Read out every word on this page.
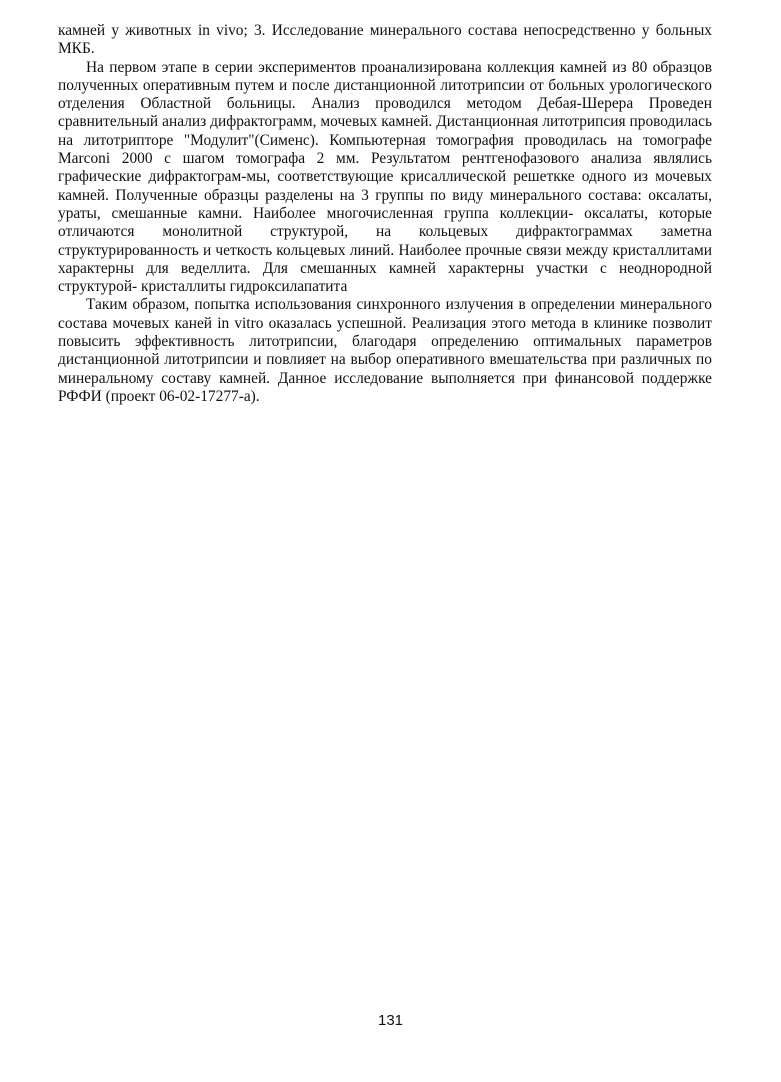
камней у животных in vivo; 3. Исследование минерального состава непосредственно у больных МКБ.

На первом этапе в серии экспериментов проанализирована коллекция камней из 80 образцов полученных оперативным путем и после дистанционной литотрипсии от больных урологического отделения Областной больницы. Анализ проводился методом Дебая-Шерера Проведен сравнительный анализ дифрактограмм, мочевых камней. Дистанционная литотрипсия проводилась на литотрипторе "Модулит"(Сименс). Компьютерная томография проводилась на томографе Marconi 2000 с шагом томографа 2 мм. Результатом рентгенофазового анализа являлись графические дифрактограм-мы, соответствующие крисаллической решеткке одного из мочевых камней. Полученные образцы разделены на 3 группы по виду минерального состава: оксалаты, ураты, смешанные камни. Наиболее многочисленная группа коллекции- оксалаты, которые отличаются монолитной структурой, на кольцевых дифрактограммах заметна структурированность и четкость кольцевых линий. Наиболее прочные связи между кристаллитами характерны для веделлита. Для смешанных камней характерны участки с неоднородной структурой- кристаллиты гидроксилапатита

Таким образом, попытка использования синхронного излучения в определении минерального состава мочевых каней in vitro оказалась успешной. Реализация этого метода в клинике позволит повысить эффективность литотрипсии, благодаря определению оптимальных параметров дистанционной литотрипсии и повлияет на выбор оперативного вмешательства при различных по минеральному составу камней. Данное исследование выполняется при финансовой поддержке РФФИ (проект 06-02-17277-а).

131
